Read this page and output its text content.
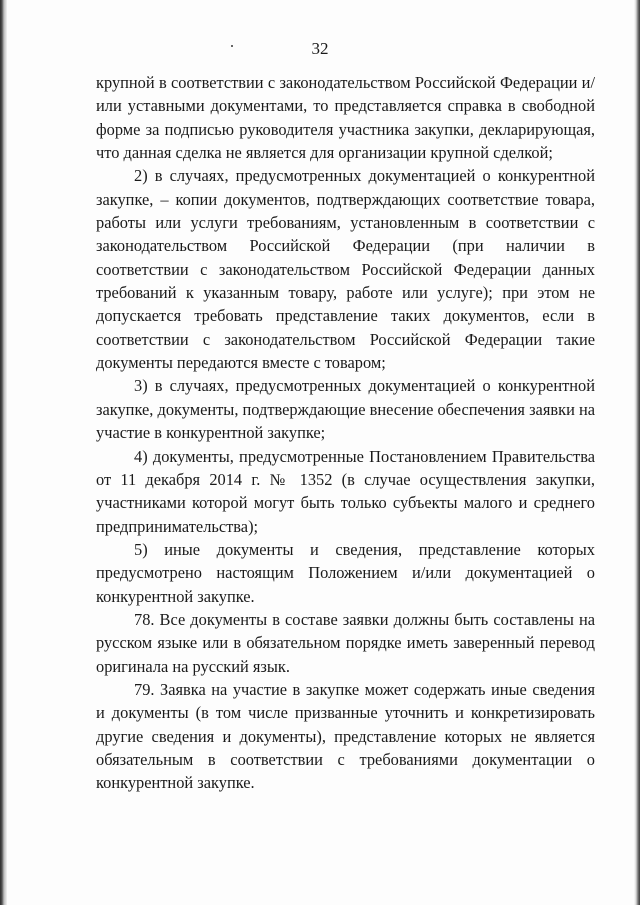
32

крупной в соответствии с законодательством Российской Федерации и/или уставными документами, то представляется справка в свободной форме за подписью руководителя участника закупки, декларирующая, что данная сделка не является для организации крупной сделкой;

2) в случаях, предусмотренных документацией о конкурентной закупке, – копии документов, подтверждающих соответствие товара, работы или услуги требованиям, установленным в соответствии с законодательством Российской Федерации (при наличии в соответствии с законодательством Российской Федерации данных требований к указанным товару, работе или услуге); при этом не допускается требовать представление таких документов, если в соответствии с законодательством Российской Федерации такие документы передаются вместе с товаром;

3) в случаях, предусмотренных документацией о конкурентной закупке, документы, подтверждающие внесение обеспечения заявки на участие в конкурентной закупке;

4) документы, предусмотренные Постановлением Правительства от 11 декабря 2014 г. № 1352 (в случае осуществления закупки, участниками которой могут быть только субъекты малого и среднего предпринимательства);

5) иные документы и сведения, представление которых предусмотрено настоящим Положением и/или документацией о конкурентной закупке.

78. Все документы в составе заявки должны быть составлены на русском языке или в обязательном порядке иметь заверенный перевод оригинала на русский язык.

79. Заявка на участие в закупке может содержать иные сведения и документы (в том числе призванные уточнить и конкретизировать другие сведения и документы), представление которых не является обязательным в соответствии с требованиями документации о конкурентной закупке.
